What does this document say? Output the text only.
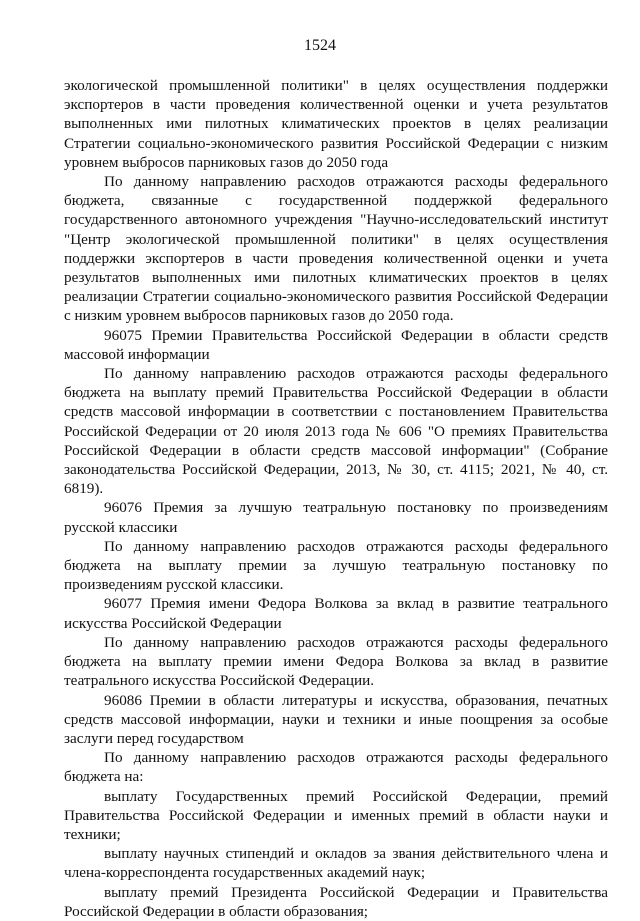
1524

экологической промышленной политики" в целях осуществления поддержки экспортеров в части проведения количественной оценки и учета результатов выполненных ими пилотных климатических проектов в целях реализации Стратегии социально-экономического развития Российской Федерации с низким уровнем выбросов парниковых газов до 2050 года

По данному направлению расходов отражаются расходы федерального бюджета, связанные с государственной поддержкой федерального государственного автономного учреждения "Научно-исследовательский институт "Центр экологической промышленной политики" в целях осуществления поддержки экспортеров в части проведения количественной оценки и учета результатов выполненных ими пилотных климатических проектов в целях реализации Стратегии социально-экономического развития Российской Федерации с низким уровнем выбросов парниковых газов до 2050 года.

96075 Премии Правительства Российской Федерации в области средств массовой информации

По данному направлению расходов отражаются расходы федерального бюджета на выплату премий Правительства Российской Федерации в области средств массовой информации в соответствии с постановлением Правительства Российской Федерации от 20 июля 2013 года № 606 "О премиях Правительства Российской Федерации в области средств массовой информации" (Собрание законодательства Российской Федерации, 2013, № 30, ст. 4115; 2021, № 40, ст. 6819).

96076 Премия за лучшую театральную постановку по произведениям русской классики

По данному направлению расходов отражаются расходы федерального бюджета на выплату премии за лучшую театральную постановку по произведениям русской классики.

96077 Премия имени Федора Волкова за вклад в развитие театрального искусства Российской Федерации

По данному направлению расходов отражаются расходы федерального бюджета на выплату премии имени Федора Волкова за вклад в развитие театрального искусства Российской Федерации.

96086 Премии в области литературы и искусства, образования, печатных средств массовой информации, науки и техники и иные поощрения за особые заслуги перед государством

По данному направлению расходов отражаются расходы федерального бюджета на:

выплату Государственных премий Российской Федерации, премий Правительства Российской Федерации и именных премий в области науки и техники;

выплату научных стипендий и окладов за звания действительного члена и члена-корреспондента государственных академий наук;

выплату премий Президента Российской Федерации и Правительства Российской Федерации в области образования;
